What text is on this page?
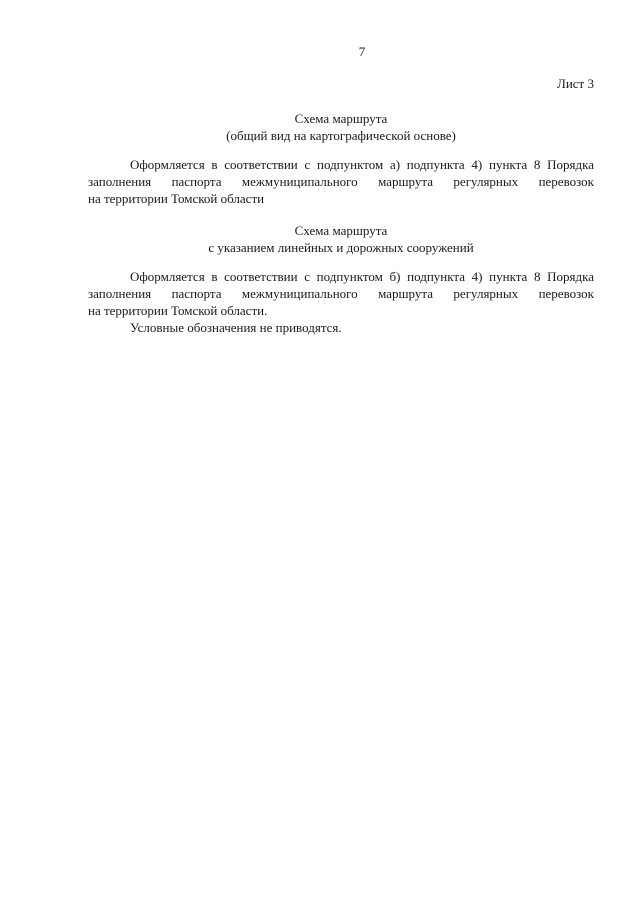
7
Лист 3

Схема маршрута

(общий вид на картографической основе)

Оформляется в соответствии с подпунктом а) подпункта 4) пункта 8 Порядка
заполнения паспорта межмуниципального маршрута регулярных перевозок
на территории Томской области

Схема маршрута

с указанием линейных и дорожных сооружений

Оформляется в соответствии с подпунктом б) подпункта 4) пункта 8 Порядка
заполнения паспорта межмуниципального маршрута регулярных перевозок
на территории Томской области.

Условные обозначения не приводятся.
